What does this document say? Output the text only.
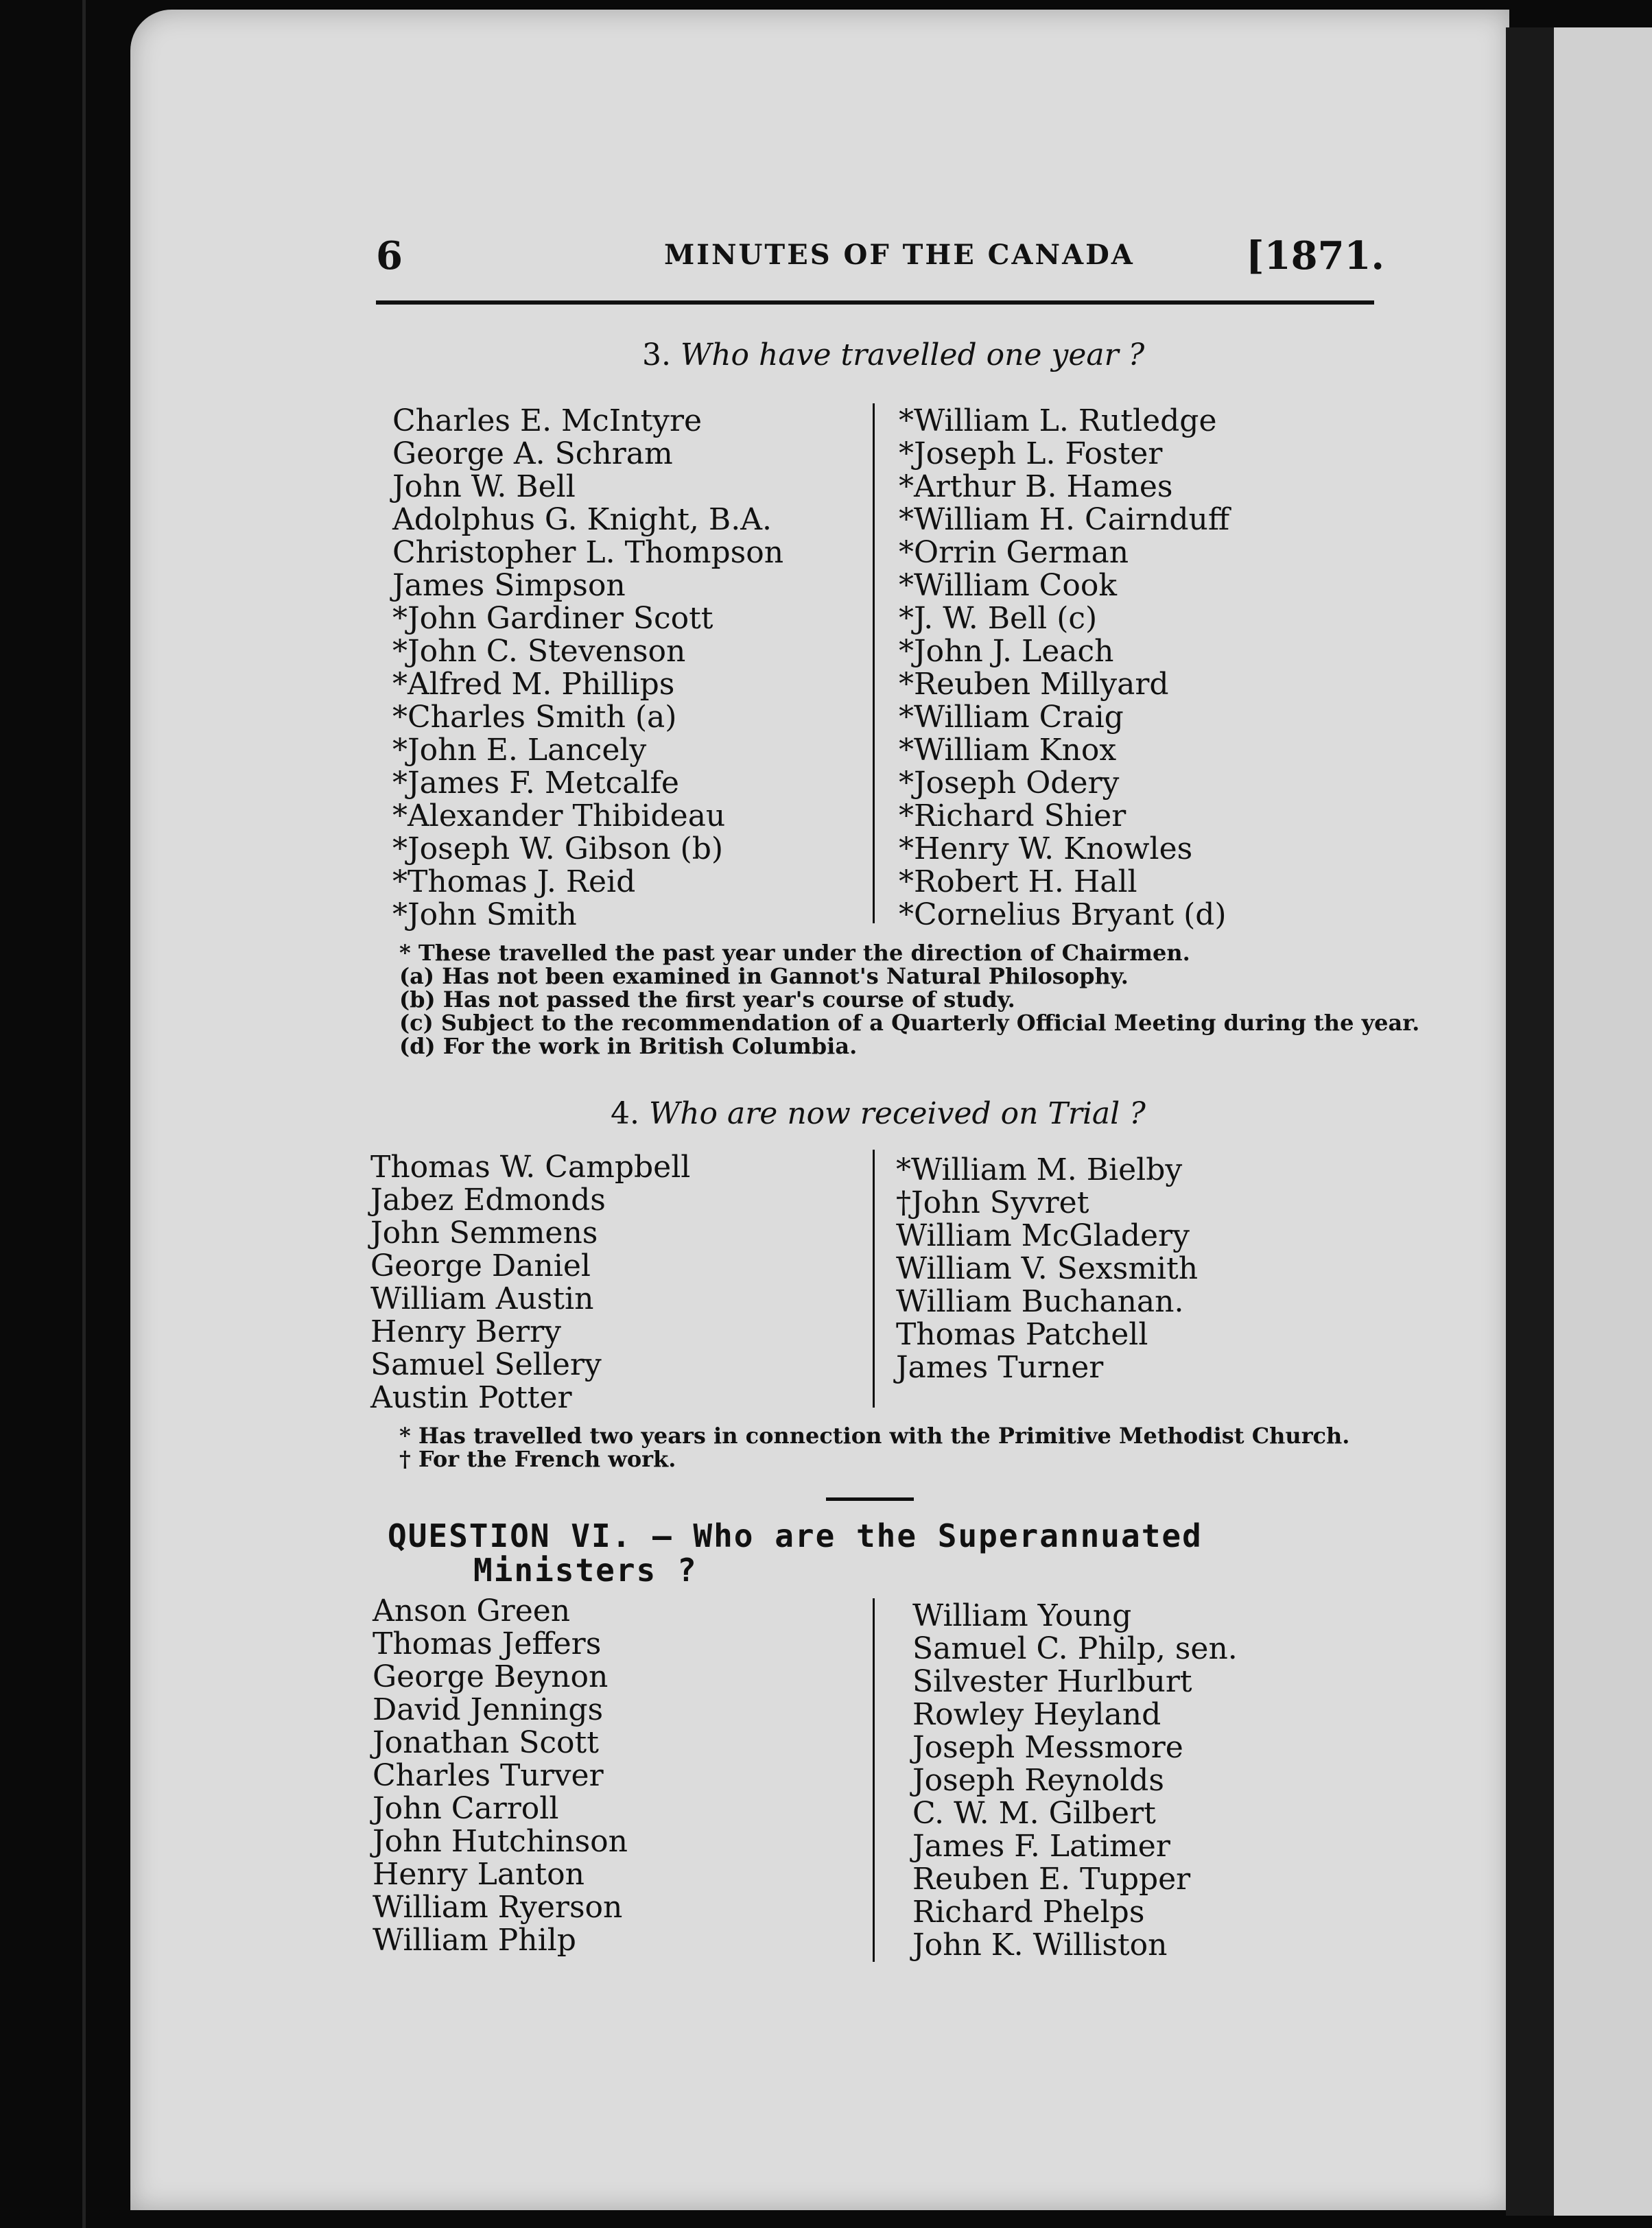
6	MINUTES OF THE CANADA	[1871.
3. Who have travelled one year ?
Charles E. McIntyre
George A. Schram
John W. Bell
Adolphus G. Knight, B.A.
Christopher L. Thompson
James Simpson
*John Gardiner Scott
*John C. Stevenson
*Alfred M. Phillips
*Charles Smith (a)
*John E. Lancely
*James F. Metcalfe
*Alexander Thibideau
*Joseph W. Gibson (b)
*Thomas J. Reid
*John Smith
*William L. Rutledge
*Joseph L. Foster
*Arthur B. Hames
*William H. Cairnduff
*Orrin German
*William Cook
*J. W. Bell (c)
*John J. Leach
*Reuben Millyard
*William Craig
*William Knox
*Joseph Odery
*Richard Shier
*Henry W. Knowles
*Robert H. Hall
*Cornelius Bryant (d)
* These travelled the past year under the direction of Chairmen.
(a) Has not been examined in Gannot's Natural Philosophy.
(b) Has not passed the first year's course of study.
(c) Subject to the recommendation of a Quarterly Official Meeting during the year.
(d) For the work in British Columbia.
4. Who are now received on Trial ?
Thomas W. Campbell
Jabez Edmonds
John Semmens
George Daniel
William Austin
Henry Berry
Samuel Sellery
Austin Potter
*William M. Bielby
†John Syvret
William McGladery
William V. Sexsmith
William Buchanan.
Thomas Patchell
James Turner
* Has travelled two years in connection with the Primitive Methodist Church.
† For the French work.
QUESTION VI. — Who are the Superannuated
Ministers ?
Anson Green
Thomas Jeffers
George Beynon
David Jennings
Jonathan Scott
Charles Turver
John Carroll
John Hutchinson
Henry Lanton
William Ryerson
William Philp
William Young
Samuel C. Philp, sen.
Silvester Hurlburt
Rowley Heyland
Joseph Messmore
Joseph Reynolds
C. W. M. Gilbert
James F. Latimer
Reuben E. Tupper
Richard Phelps
John K. Williston
